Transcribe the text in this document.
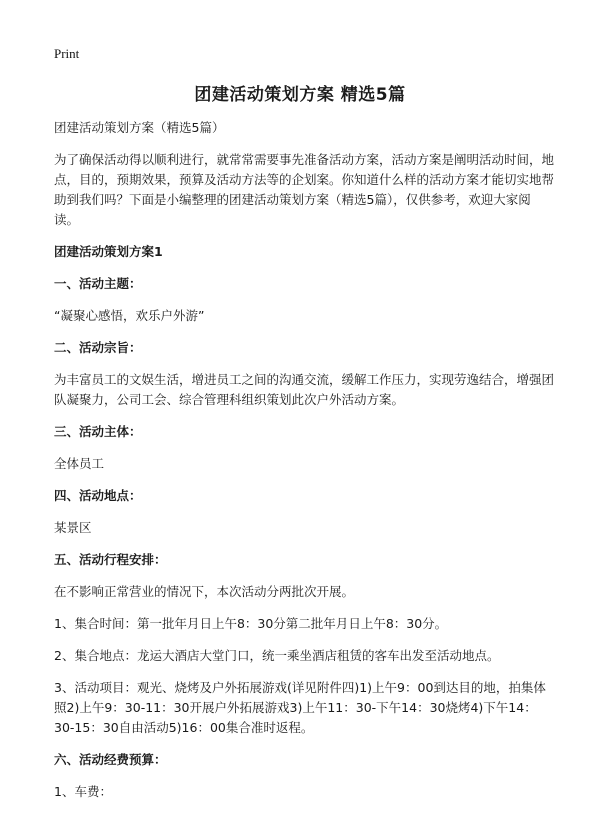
Print
团建活动策划方案 精选5篇

团建活动策划方案（精选5篇）

为了确保活动得以顺利进行，就常常需要事先准备活动方案，活动方案是阐明活动时间，地点，目的，预期效果，预算及活动方法等的企划案。你知道什么样的活动方案才能切实地帮助到我们吗？下面是小编整理的团建活动策划方案（精选5篇），仅供参考，欢迎大家阅读。

团建活动策划方案1

一、活动主题：

“凝聚心感悟，欢乐户外游”

二、活动宗旨：

为丰富员工的文娱生活，增进员工之间的沟通交流，缓解工作压力，实现劳逸结合，增强团队凝聚力，公司工会、综合管理科组织策划此次户外活动方案。

三、活动主体：

全体员工

四、活动地点：

某景区

五、活动行程安排：

在不影响正常营业的情况下，本次活动分两批次开展。

1、集合时间：第一批年月日上午8：30分第二批年月日上午8：30分。

2、集合地点：龙运大酒店大堂门口，统一乘坐酒店租赁的客车出发至活动地点。

3、活动项目：观光、烧烤及户外拓展游戏(详见附件四)1)上午9：00到达目的地，拍集体照2)上午9：30-11：30开展户外拓展游戏3)上午11：30-下午14：30烧烤4)下午14：30-15：30自由活动5)16：00集合准时返程。

六、活动经费预算：

1、车费：
